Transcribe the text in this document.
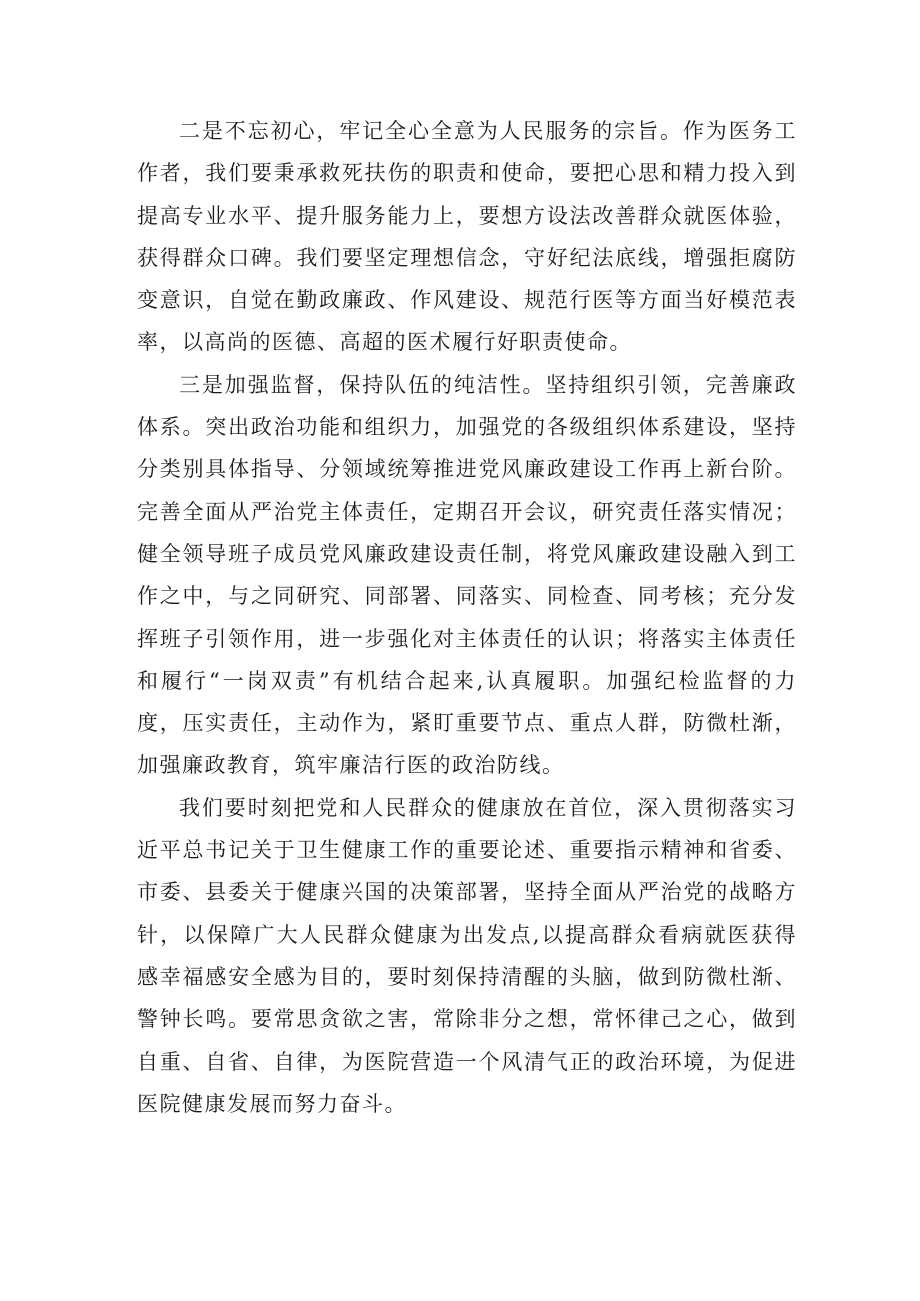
二是不忘初心，牢记全心全意为人民服务的宗旨。作为医务工作者，我们要秉承救死扶伤的职责和使命，要把心思和精力投入到提高专业水平、提升服务能力上，要想方设法改善群众就医体验，获得群众口碑。我们要坚定理想信念，守好纪法底线，增强拒腐防变意识，自觉在勤政廉政、作风建设、规范行医等方面当好模范表率，以高尚的医德、高超的医术履行好职责使命。

三是加强监督，保持队伍的纯洁性。坚持组织引领，完善廉政体系。突出政治功能和组织力，加强党的各级组织体系建设，坚持分类别具体指导、分领域统筹推进党风廉政建设工作再上新台阶。完善全面从严治党主体责任，定期召开会议，研究责任落实情况；健全领导班子成员党风廉政建设责任制，将党风廉政建设融入到工作之中，与之同研究、同部署、同落实、同检查、同考核；充分发挥班子引领作用，进一步强化对主体责任的认识；将落实主体责任和履行“一岗双责”有机结合起来,认真履职。加强纪检监督的力度，压实责任，主动作为，紧盯重要节点、重点人群，防微杜渐，加强廉政教育，筑牢廉洁行医的政治防线。

我们要时刻把党和人民群众的健康放在首位，深入贯彻落实习近平总书记关于卫生健康工作的重要论述、重要指示精神和省委、市委、县委关于健康兴国的决策部署，坚持全面从严治党的战略方针，以保障广大人民群众健康为出发点,以提高群众看病就医获得感幸福感安全感为目的，要时刻保持清醒的头脑，做到防微杜渐、警钟长鸣。要常思贪欲之害，常除非分之想，常怀律己之心，做到自重、自省、自律，为医院营造一个风清气正的政治环境，为促进医院健康发展而努力奋斗。
